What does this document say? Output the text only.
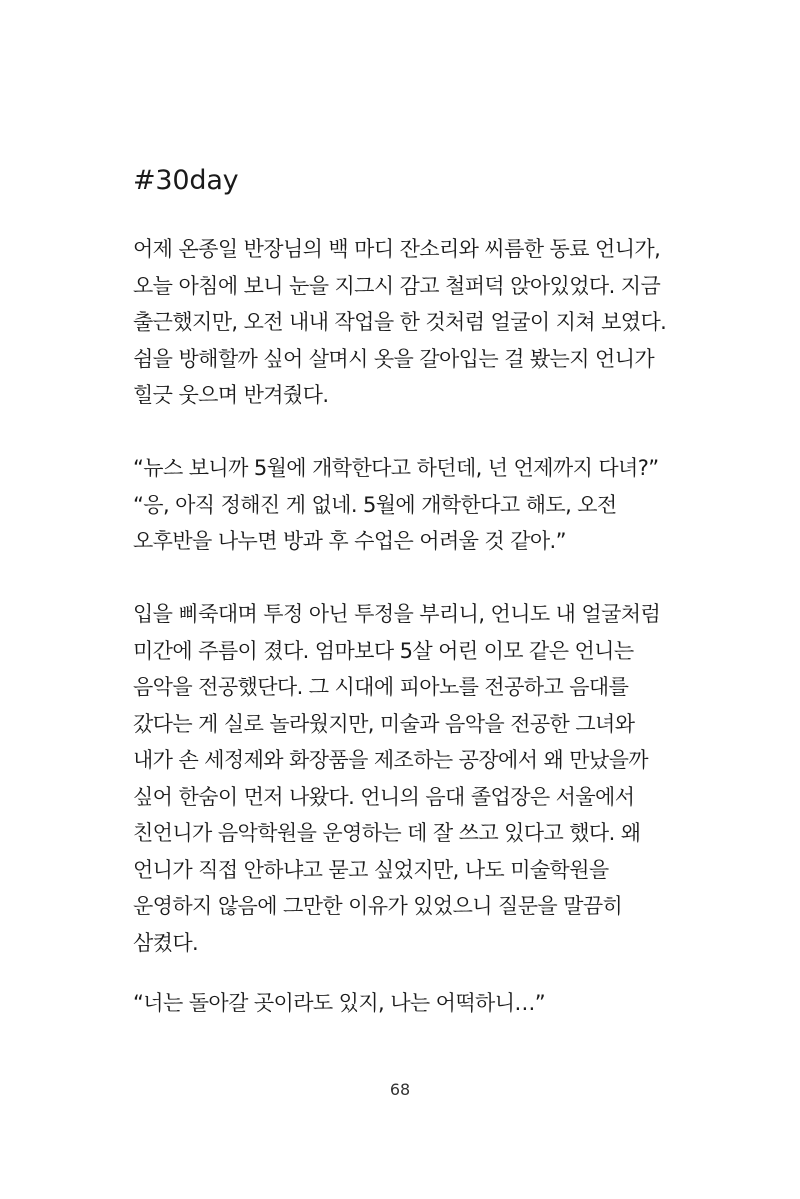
#30day
어제 온종일 반장님의 백 마디 잔소리와 씨름한 동료 언니가,
오늘 아침에 보니 눈을 지그시 감고 철퍼덕 앉아있었다. 지금
출근했지만, 오전 내내 작업을 한 것처럼 얼굴이 지쳐 보였다.
쉼을 방해할까 싶어 살며시 옷을 갈아입는 걸 봤는지 언니가
힐긋 웃으며 반겨줬다.
“뉴스 보니까 5월에 개학한다고 하던데, 넌 언제까지 다녀?”
“응, 아직 정해진 게 없네. 5월에 개학한다고 해도, 오전
오후반을 나누면 방과 후 수업은 어려울 것 같아.”
입을 삐죽대며 투정 아닌 투정을 부리니, 언니도 내 얼굴처럼
미간에 주름이 졌다. 엄마보다 5살 어린 이모 같은 언니는
음악을 전공했단다. 그 시대에 피아노를 전공하고 음대를
갔다는 게 실로 놀라웠지만, 미술과 음악을 전공한 그녀와
내가 손 세정제와 화장품을 제조하는 공장에서 왜 만났을까
싶어 한숨이 먼저 나왔다. 언니의 음대 졸업장은 서울에서
친언니가 음악학원을 운영하는 데 잘 쓰고 있다고 했다. 왜
언니가 직접 안하냐고 묻고 싶었지만, 나도 미술학원을
운영하지 않음에 그만한 이유가 있었으니 질문을 말끔히
삼켰다.
“너는 돌아갈 곳이라도 있지, 나는 어떡하니…”
68
